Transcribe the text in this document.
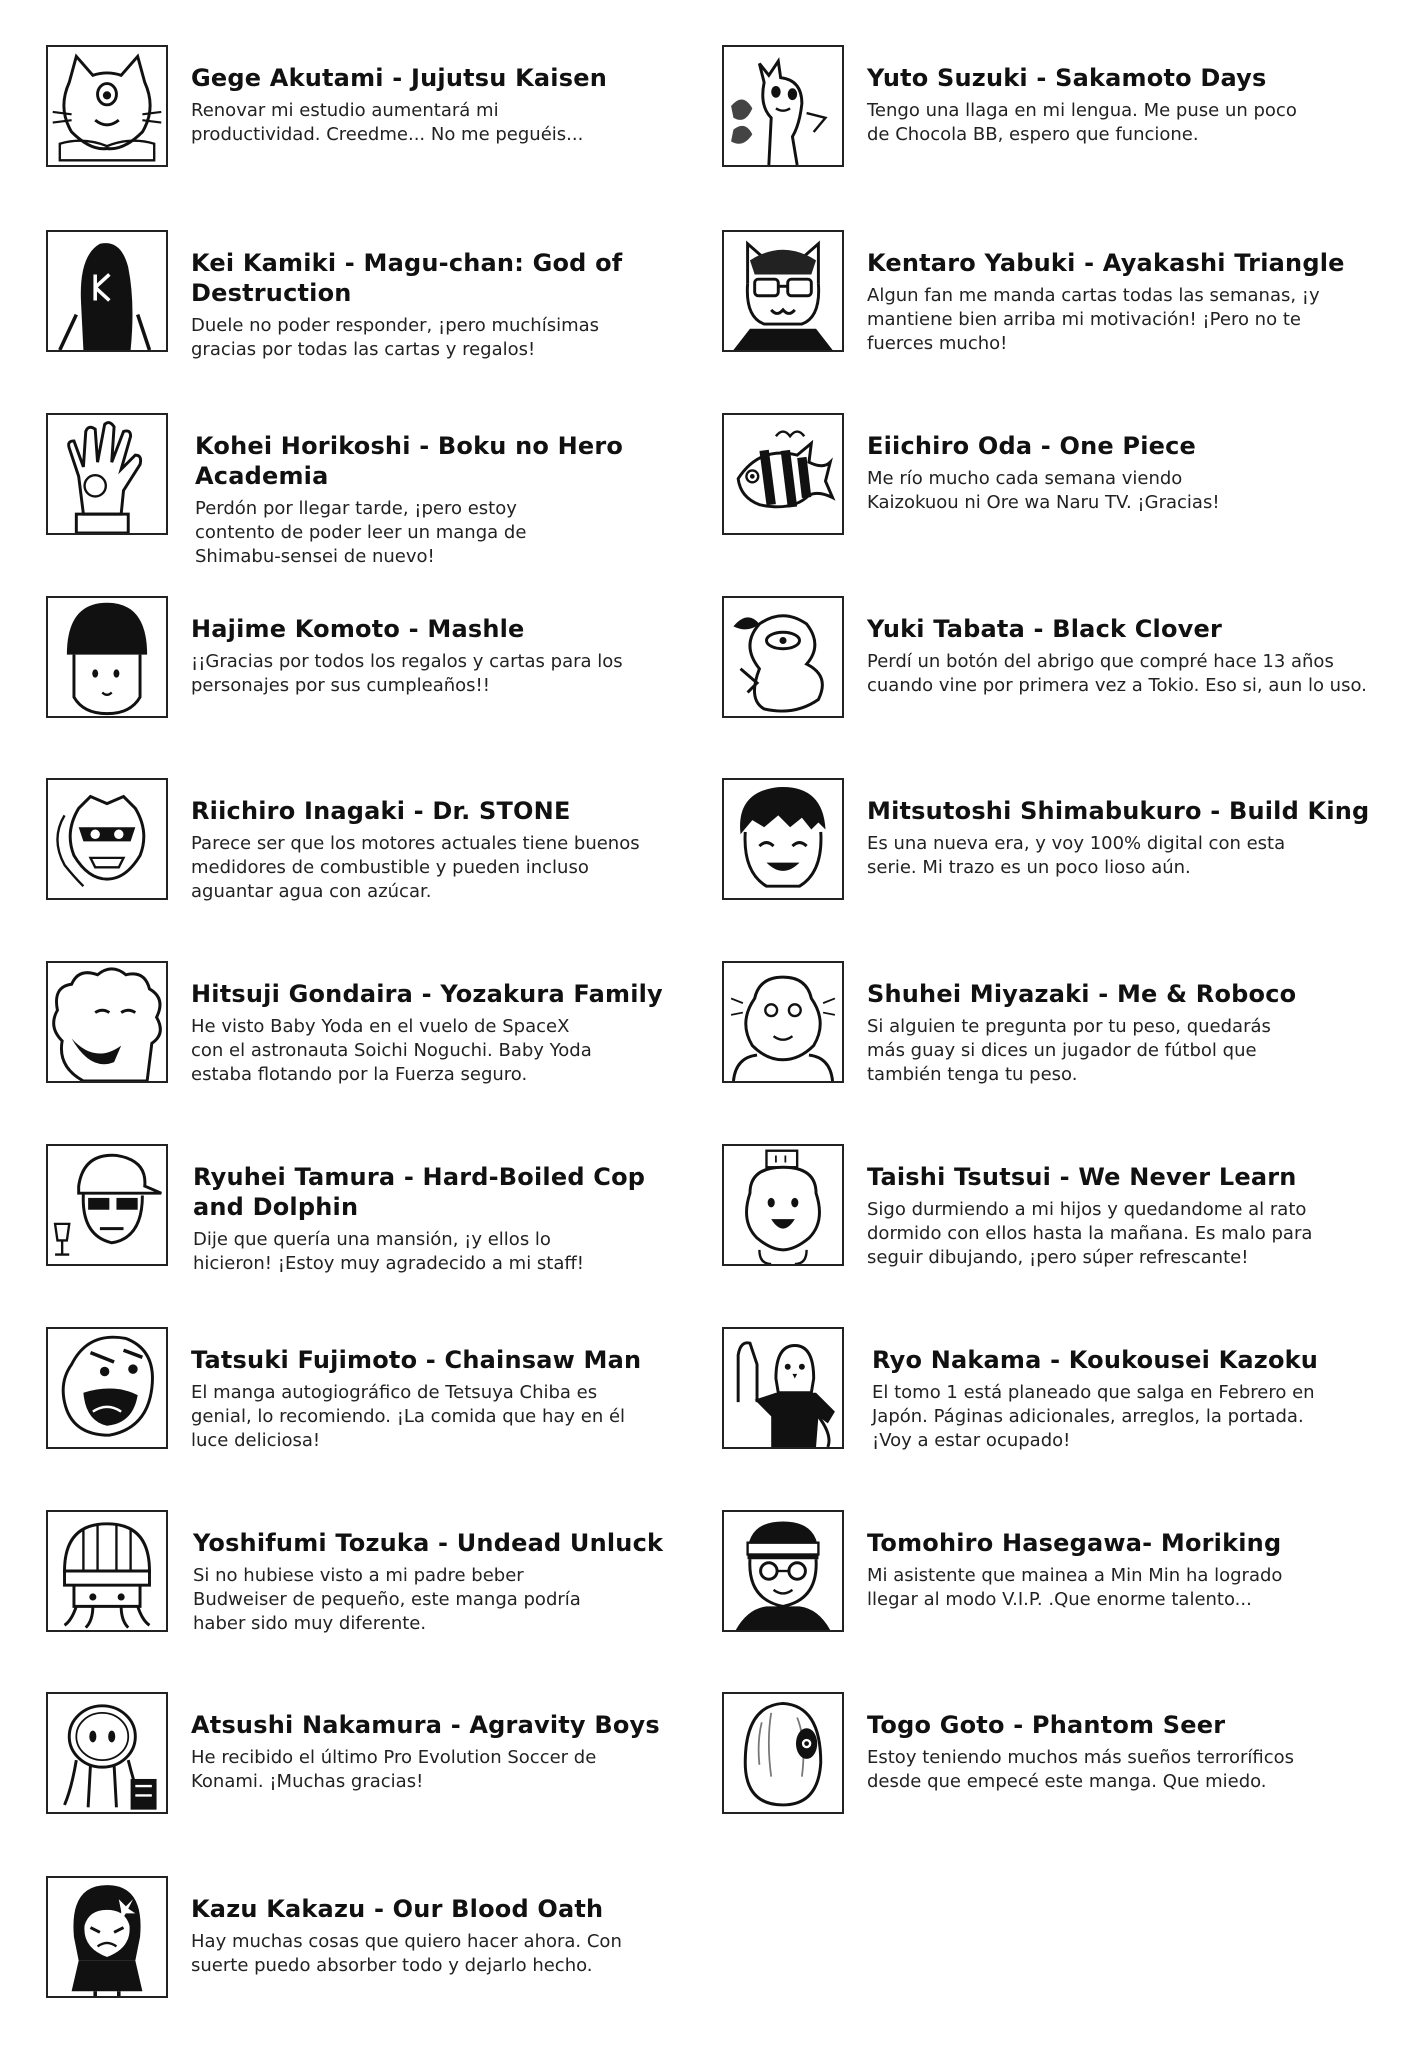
Gege Akutami - Jujutsu Kaisen

Renovar mi estudio aumentará mi
productividad. Creedme... No me peguéis...

Yuto Suzuki - Sakamoto Days

Tengo una llaga en mi lengua. Me puse un poco
de Chocola BB, espero que funcione.

Kei Kamiki - Magu-chan: God of
Destruction

Duele no poder responder, ¡pero muchísimas
gracias por todas las cartas y regalos!

Kentaro Yabuki - Ayakashi Triangle

Algun fan me manda cartas todas las semanas, ¡y
mantiene bien arriba mi motivación! ¡Pero no te
fuerces mucho!

Kohei Horikoshi - Boku no Hero
Academia

Perdón por llegar tarde, ¡pero estoy
contento de poder leer un manga de
Shimabu-sensei de nuevo!

Eiichiro Oda - One Piece

Me río mucho cada semana viendo
Kaizokuou ni Ore wa Naru TV. ¡Gracias!

Hajime Komoto - Mashle

¡¡Gracias por todos los regalos y cartas para los
personajes por sus cumpleaños!!

Yuki Tabata - Black Clover

Perdí un botón del abrigo que compré hace 13 años
cuando vine por primera vez a Tokio. Eso si, aun lo uso.

Riichiro Inagaki - Dr. STONE

Parece ser que los motores actuales tiene buenos
medidores de combustible y pueden incluso
aguantar agua con azúcar.

Mitsutoshi Shimabukuro - Build King

Es una nueva era, y voy 100% digital con esta
serie. Mi trazo es un poco lioso aún.

Hitsuji Gondaira - Yozakura Family

He visto Baby Yoda en el vuelo de SpaceX
con el astronauta Soichi Noguchi. Baby Yoda
estaba flotando por la Fuerza seguro.

Shuhei Miyazaki - Me & Roboco

Si alguien te pregunta por tu peso, quedarás
más guay si dices un jugador de fútbol que
también tenga tu peso.

Ryuhei Tamura - Hard-Boiled Cop
and Dolphin

Dije que quería una mansión, ¡y ellos lo
hicieron! ¡Estoy muy agradecido a mi staff!

Taishi Tsutsui - We Never Learn

Sigo durmiendo a mi hijos y quedandome al rato
dormido con ellos hasta la mañana. Es malo para
seguir dibujando, ¡pero súper refrescante!

Tatsuki Fujimoto - Chainsaw Man

El manga autogiográfico de Tetsuya Chiba es
genial, lo recomiendo. ¡La comida que hay en él
luce deliciosa!

Ryo Nakama - Koukousei Kazoku

El tomo 1 está planeado que salga en Febrero en
Japón. Páginas adicionales, arreglos, la portada.
¡Voy a estar ocupado!

Yoshifumi Tozuka - Undead Unluck

Si no hubiese visto a mi padre beber
Budweiser de pequeño, este manga podría
haber sido muy diferente.

Tomohiro Hasegawa- Moriking

Mi asistente que mainea a Min Min ha logrado
llegar al modo V.I.P. .Que enorme talento...

Atsushi Nakamura - Agravity Boys

He recibido el último Pro Evolution Soccer de
Konami. ¡Muchas gracias!

Togo Goto - Phantom Seer

Estoy teniendo muchos más sueños terroríficos
desde que empecé este manga. Que miedo.

Kazu Kakazu - Our Blood Oath

Hay muchas cosas que quiero hacer ahora. Con
suerte puedo absorber todo y dejarlo hecho.
